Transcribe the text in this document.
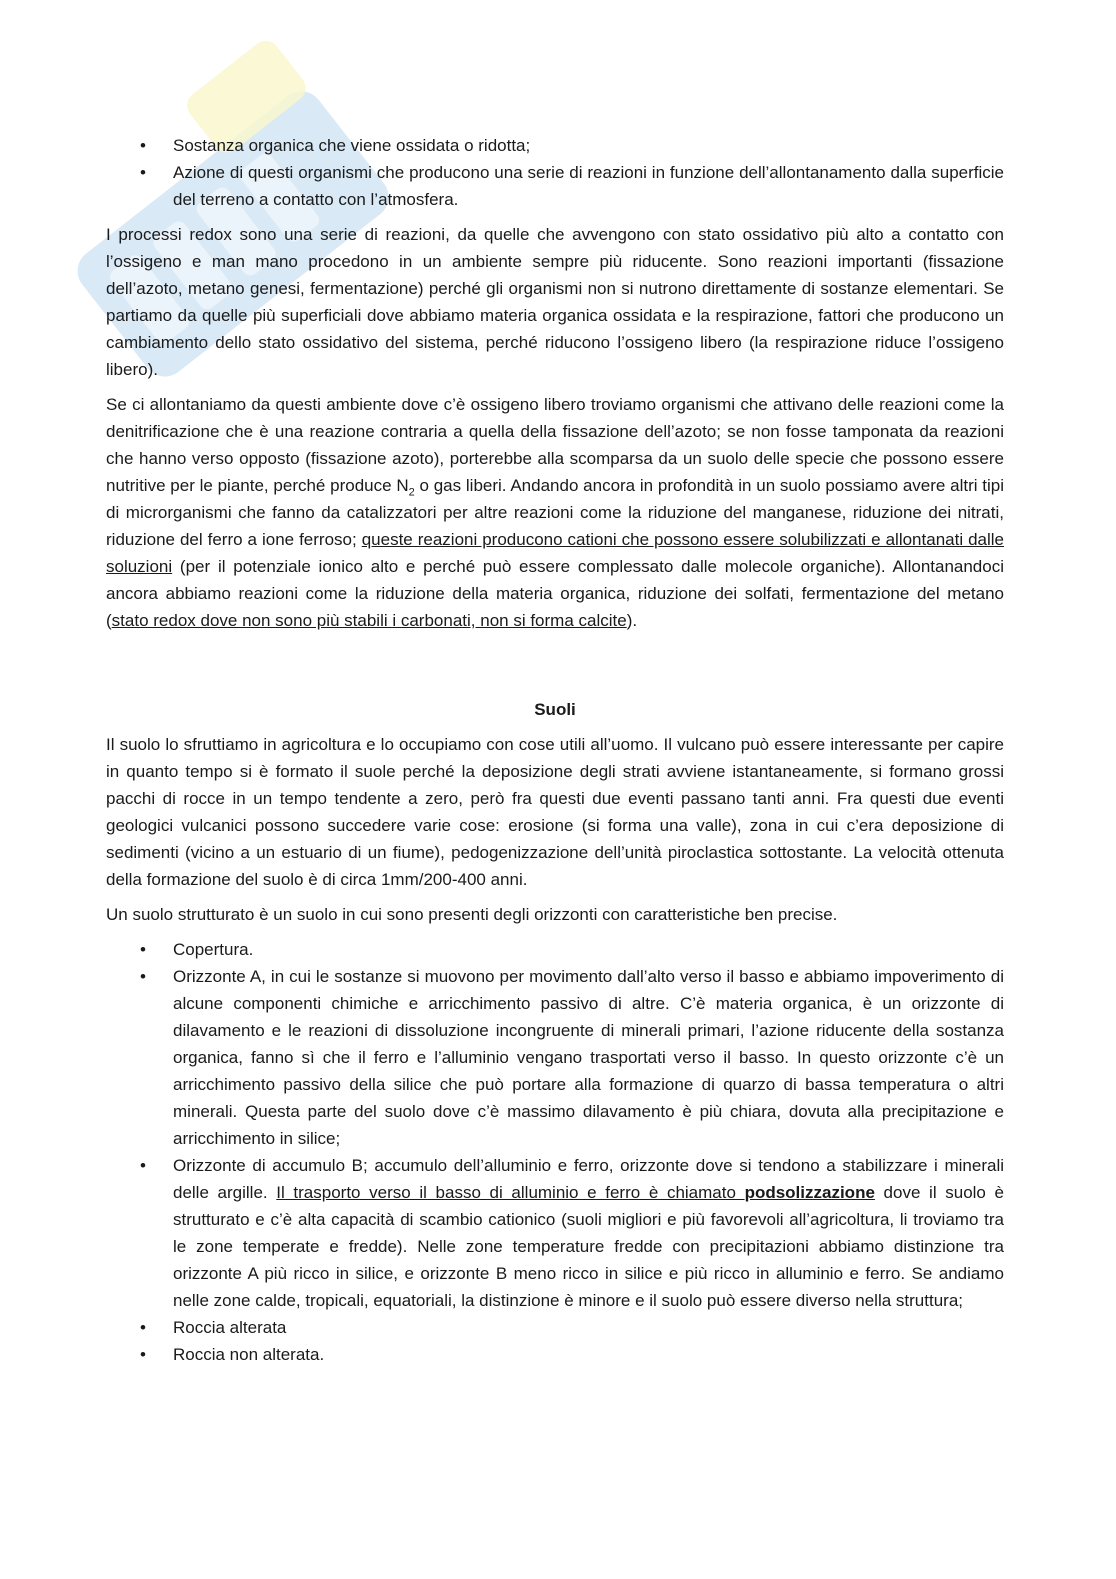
• Sostanza organica che viene ossidata o ridotta;
• Azione di questi organismi che producono una serie di reazioni in funzione dell’allontanamento dalla superficie del terreno a contatto con l’atmosfera.

I processi redox sono una serie di reazioni, da quelle che avvengono con stato ossidativo più alto a contatto con l’ossigeno e man mano procedono in un ambiente sempre più riducente. Sono reazioni importanti (fissazione dell’azoto, metano genesi, fermentazione) perché gli organismi non si nutrono direttamente di sostanze elementari. Se partiamo da quelle più superficiali dove abbiamo materia organica ossidata e la respirazione, fattori che producono un cambiamento dello stato ossidativo del sistema, perché riducono l’ossigeno libero (la respirazione riduce l’ossigeno libero).

Se ci allontaniamo da questi ambiente dove c’è ossigeno libero troviamo organismi che attivano delle reazioni come la denitrificazione che è una reazione contraria a quella della fissazione dell’azoto; se non fosse tamponata da reazioni che hanno verso opposto (fissazione azoto), porterebbe alla scomparsa da un suolo delle specie che possono essere nutritive per le piante, perché produce $N_2$ o gas liberi. Andando ancora in profondità in un suolo possiamo avere altri tipi di microrganismi che fanno da catalizzatori per altre reazioni come la riduzione del manganese, riduzione dei nitrati, riduzione del ferro a ione ferroso; queste reazioni producono cationi che possono essere solubilizzati e allontanati dalle soluzioni (per il potenziale ionico alto e perché può essere complessato dalle molecole organiche). Allontanandoci ancora abbiamo reazioni come la riduzione della materia organica, riduzione dei solfati, fermentazione del metano (stato redox dove non sono più stabili i carbonati, non si forma calcite).

Suoli

Il suolo lo sfruttiamo in agricoltura e lo occupiamo con cose utili all’uomo. Il vulcano può essere interessante per capire in quanto tempo si è formato il suole perché la deposizione degli strati avviene istantaneamente, si formano grossi pacchi di rocce in un tempo tendente a zero, però fra questi due eventi passano tanti anni. Fra questi due eventi geologici vulcanici possono succedere varie cose: erosione (si forma una valle), zona in cui c’era deposizione di sedimenti (vicino a un estuario di un fiume), pedogenizzazione dell’unità piroclastica sottostante. La velocità ottenuta della formazione del suolo è di circa 1mm/200-400 anni.

Un suolo strutturato è un suolo in cui sono presenti degli orizzonti con caratteristiche ben precise.

• Copertura.
• Orizzonte A, in cui le sostanze si muovono per movimento dall’alto verso il basso e abbiamo impoverimento di alcune componenti chimiche e arricchimento passivo di altre. C’è materia organica, è un orizzonte di dilavamento e le reazioni di dissoluzione incongruente di minerali primari, l’azione riducente della sostanza organica, fanno sì che il ferro e l’alluminio vengano trasportati verso il basso. In questo orizzonte c’è un arricchimento passivo della silice che può portare alla formazione di quarzo di bassa temperatura o altri minerali. Questa parte del suolo dove c’è massimo dilavamento è più chiara, dovuta alla precipitazione e arricchimento in silice;
• Orizzonte di accumulo B; accumulo dell’alluminio e ferro, orizzonte dove si tendono a stabilizzare i minerali delle argille. Il trasporto verso il basso di alluminio e ferro è chiamato podsolizzazione dove il suolo è strutturato e c’è alta capacità di scambio cationico (suoli migliori e più favorevoli all’agricoltura, li troviamo tra le zone temperate e fredde). Nelle zone temperature fredde con precipitazioni abbiamo distinzione tra orizzonte A più ricco in silice, e orizzonte B meno ricco in silice e più ricco in alluminio e ferro. Se andiamo nelle zone calde, tropicali, equatoriali, la distinzione è minore e il suolo può essere diverso nella struttura;
• Roccia alterata
• Roccia non alterata.
